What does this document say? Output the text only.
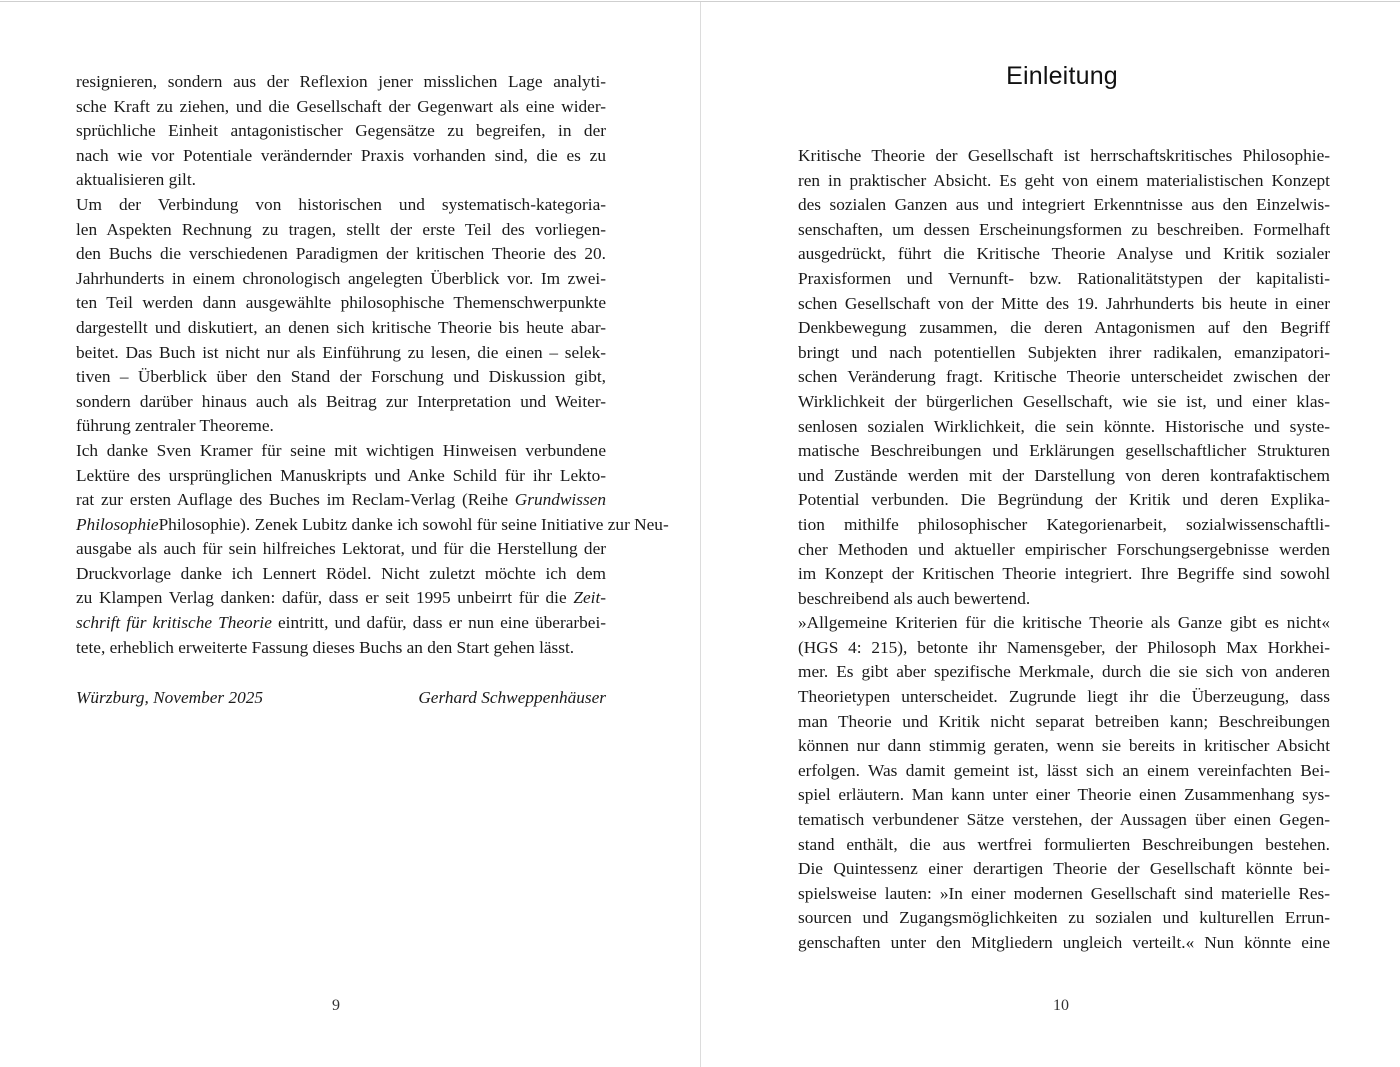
resignieren, sondern aus der Reflexion jener misslichen Lage analyti-
sche Kraft zu ziehen, und die Gesellschaft der Gegenwart als eine wider-
sprüchliche Einheit antagonistischer Gegensätze zu begreifen, in der
nach wie vor Potentiale verändernder Praxis vorhanden sind, die es zu
aktualisieren gilt.
Um der Verbindung von historischen und systematisch-kategoria-
len Aspekten Rechnung zu tragen, stellt der erste Teil des vorliegen-
den Buchs die verschiedenen Paradigmen der kritischen Theorie des 20.
Jahrhunderts in einem chronologisch angelegten Überblick vor. Im zwei-
ten Teil werden dann ausgewählte philosophische Themenschwerpunkte
dargestellt und diskutiert, an denen sich kritische Theorie bis heute abar-
beitet. Das Buch ist nicht nur als Einführung zu lesen, die einen – selek-
tiven – Überblick über den Stand der Forschung und Diskussion gibt,
sondern darüber hinaus auch als Beitrag zur Interpretation und Weiter-
führung zentraler Theoreme.
Ich danke Sven Kramer für seine mit wichtigen Hinweisen verbundene
Lektüre des ursprünglichen Manuskripts und Anke Schild für ihr Lekto-
rat zur ersten Auflage des Buches im Reclam-Verlag (Reihe Grundwissen
PhilosophiePhilosophie). Zenek Lubitz danke ich sowohl für seine Initiative zur Neu-
ausgabe als auch für sein hilfreiches Lektorat, und für die Herstellung der
Druckvorlage danke ich Lennert Rödel. Nicht zuletzt möchte ich dem
zu Klampen Verlag danken: dafür, dass er seit 1995 unbeirrt für die Zeit-
schrift für kritische Theorie eintritt, und dafür, dass er nun eine überarbei-
tete, erheblich erweiterte Fassung dieses Buchs an den Start gehen lässt.
Würzburg, November 2025	Gerhard Schweppenhäuser
9
Einleitung
Kritische Theorie der Gesellschaft ist herrschaftskritisches Philosophie-
ren in praktischer Absicht. Es geht von einem materialistischen Konzept
des sozialen Ganzen aus und integriert Erkenntnisse aus den Einzelwis-
senschaften, um dessen Erscheinungsformen zu beschreiben. Formelhaft
ausgedrückt, führt die Kritische Theorie Analyse und Kritik sozialer
Praxisformen und Vernunft- bzw. Rationalitätstypen der kapitalisti-
schen Gesellschaft von der Mitte des 19. Jahrhunderts bis heute in einer
Denkbewegung zusammen, die deren Antagonismen auf den Begriff
bringt und nach potentiellen Subjekten ihrer radikalen, emanzipatori-
schen Veränderung fragt. Kritische Theorie unterscheidet zwischen der
Wirklichkeit der bürgerlichen Gesellschaft, wie sie ist, und einer klas-
senlosen sozialen Wirklichkeit, die sein könnte. Historische und syste-
matische Beschreibungen und Erklärungen gesellschaftlicher Strukturen
und Zustände werden mit der Darstellung von deren kontrafaktischem
Potential verbunden. Die Begründung der Kritik und deren Explika-
tion mithilfe philosophischer Kategorienarbeit, sozialwissenschaftli-
cher Methoden und aktueller empirischer Forschungsergebnisse werden
im Konzept der Kritischen Theorie integriert. Ihre Begriffe sind sowohl
beschreibend als auch bewertend.
»Allgemeine Kriterien für die kritische Theorie als Ganze gibt es nicht«
(HGS 4: 215), betonte ihr Namensgeber, der Philosoph Max Horkhei-
mer. Es gibt aber spezifische Merkmale, durch die sie sich von anderen
Theorietypen unterscheidet. Zugrunde liegt ihr die Überzeugung, dass
man Theorie und Kritik nicht separat betreiben kann; Beschreibungen
können nur dann stimmig geraten, wenn sie bereits in kritischer Absicht
erfolgen. Was damit gemeint ist, lässt sich an einem vereinfachten Bei-
spiel erläutern. Man kann unter einer Theorie einen Zusammenhang sys-
tematisch verbundener Sätze verstehen, der Aussagen über einen Gegen-
stand enthält, die aus wertfrei formulierten Beschreibungen bestehen.
Die Quintessenz einer derartigen Theorie der Gesellschaft könnte bei-
spielsweise lauten: »In einer modernen Gesellschaft sind materielle Res-
sourcen und Zugangsmöglichkeiten zu sozialen und kulturellen Errun-
genschaften unter den Mitgliedern ungleich verteilt.« Nun könnte eine
10
